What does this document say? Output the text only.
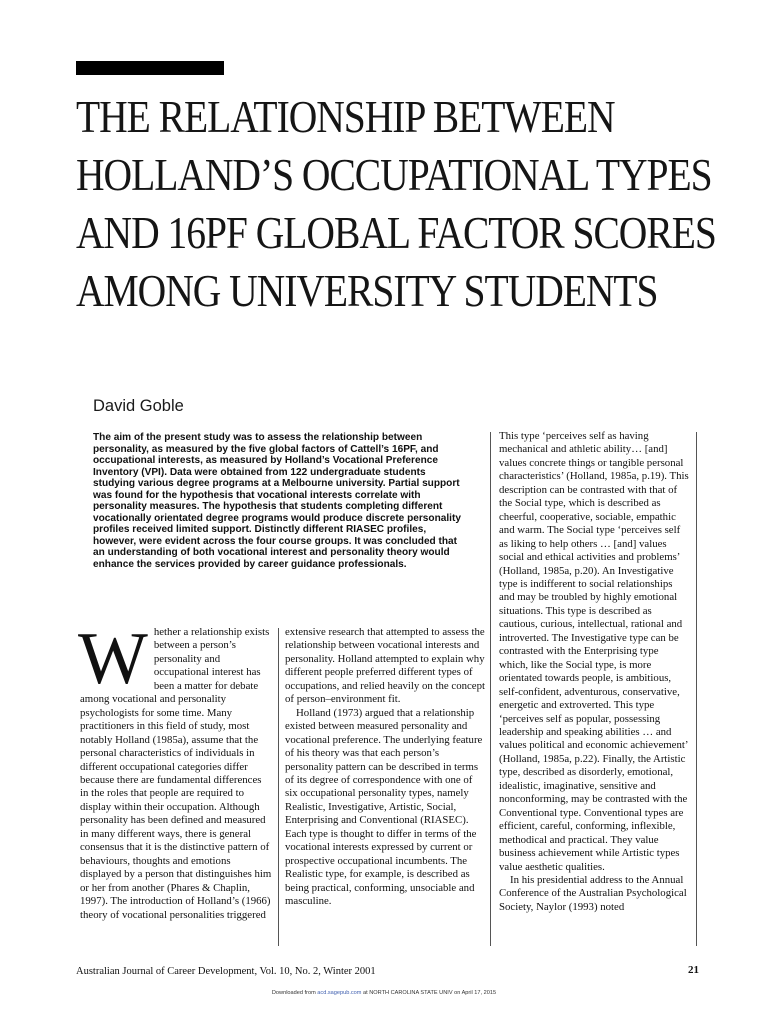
THE RELATIONSHIP BETWEEN
HOLLAND’S OCCUPATIONAL TYPES
AND 16PF GLOBAL FACTOR SCORES
AMONG UNIVERSITY STUDENTS
David Goble

The aim of the present study was to assess the relationship between personality, as measured by the five global factors of Cattell’s 16PF, and occupational interests, as measured by Holland’s Vocational Preference Inventory (VPI). Data were obtained from 122 undergraduate students studying various degree programs at a Melbourne university. Partial support was found for the hypothesis that vocational interests correlate with personality measures. The hypothesis that students completing different vocationally orientated degree programs would produce discrete personality profiles received limited support. Distinctly different RIASEC profiles, however, were evident across the four course groups. It was concluded that an understanding of both vocational interest and personality theory would enhance the services provided by career guidance professionals.

W hether a relationship exists between a person’s personality and occupational interest has been a matter for debate among vocational and personality psychologists for some time. Many practitioners in this field of study, most notably Holland (1985a), assume that the personal characteristics of individuals in different occupational categories differ because there are fundamental differences in the roles that people are required to display within their occupation. Although personality has been defined and measured in many different ways, there is general consensus that it is the distinctive pattern of behaviours, thoughts and emotions displayed by a person that distinguishes him or her from another (Phares & Chaplin, 1997). The introduction of Holland’s (1966) theory of vocational personalities triggered

extensive research that attempted to assess the relationship between vocational interests and personality. Holland attempted to explain why different people preferred different types of occupations, and relied heavily on the concept of person–environment fit.

Holland (1973) argued that a relationship existed between measured personality and vocational preference. The underlying feature of his theory was that each person’s personality pattern can be described in terms of its degree of correspondence with one of six occupational personality types, namely Realistic, Investigative, Artistic, Social, Enterprising and Conventional (RIASEC). Each type is thought to differ in terms of the vocational interests expressed by current or prospective occupational incumbents. The Realistic type, for example, is described as being practical, conforming, unsociable and masculine.

This type ‘perceives self as having mechanical and athletic ability… [and] values concrete things or tangible personal characteristics’ (Holland, 1985a, p.19). This description can be contrasted with that of the Social type, which is described as cheerful, cooperative, sociable, empathic and warm. The Social type ‘perceives self as liking to help others … [and] values social and ethical activities and problems’ (Holland, 1985a, p.20). An Investigative type is indifferent to social relationships and may be troubled by highly emotional situations. This type is described as cautious, curious, intellectual, rational and introverted. The Investigative type can be contrasted with the Enterprising type which, like the Social type, is more orientated towards people, is ambitious, self-confident, adventurous, conservative, energetic and extroverted. This type ‘perceives self as popular, possessing leadership and speaking abilities … and values political and economic achievement’ (Holland, 1985a, p.22). Finally, the Artistic type, described as disorderly, emotional, idealistic, imaginative, sensitive and nonconforming, may be contrasted with the Conventional type. Conventional types are efficient, careful, conforming, inflexible, methodical and practical. They value business achievement while Artistic types value aesthetic qualities.

In his presidential address to the Annual Conference of the Australian Psychological Society, Naylor (1993) noted

Australian Journal of Career Development, Vol. 10, No. 2, Winter 2001	21
Downloaded from acd.sagepub.com at NORTH CAROLINA STATE UNIV on April 17, 2015
